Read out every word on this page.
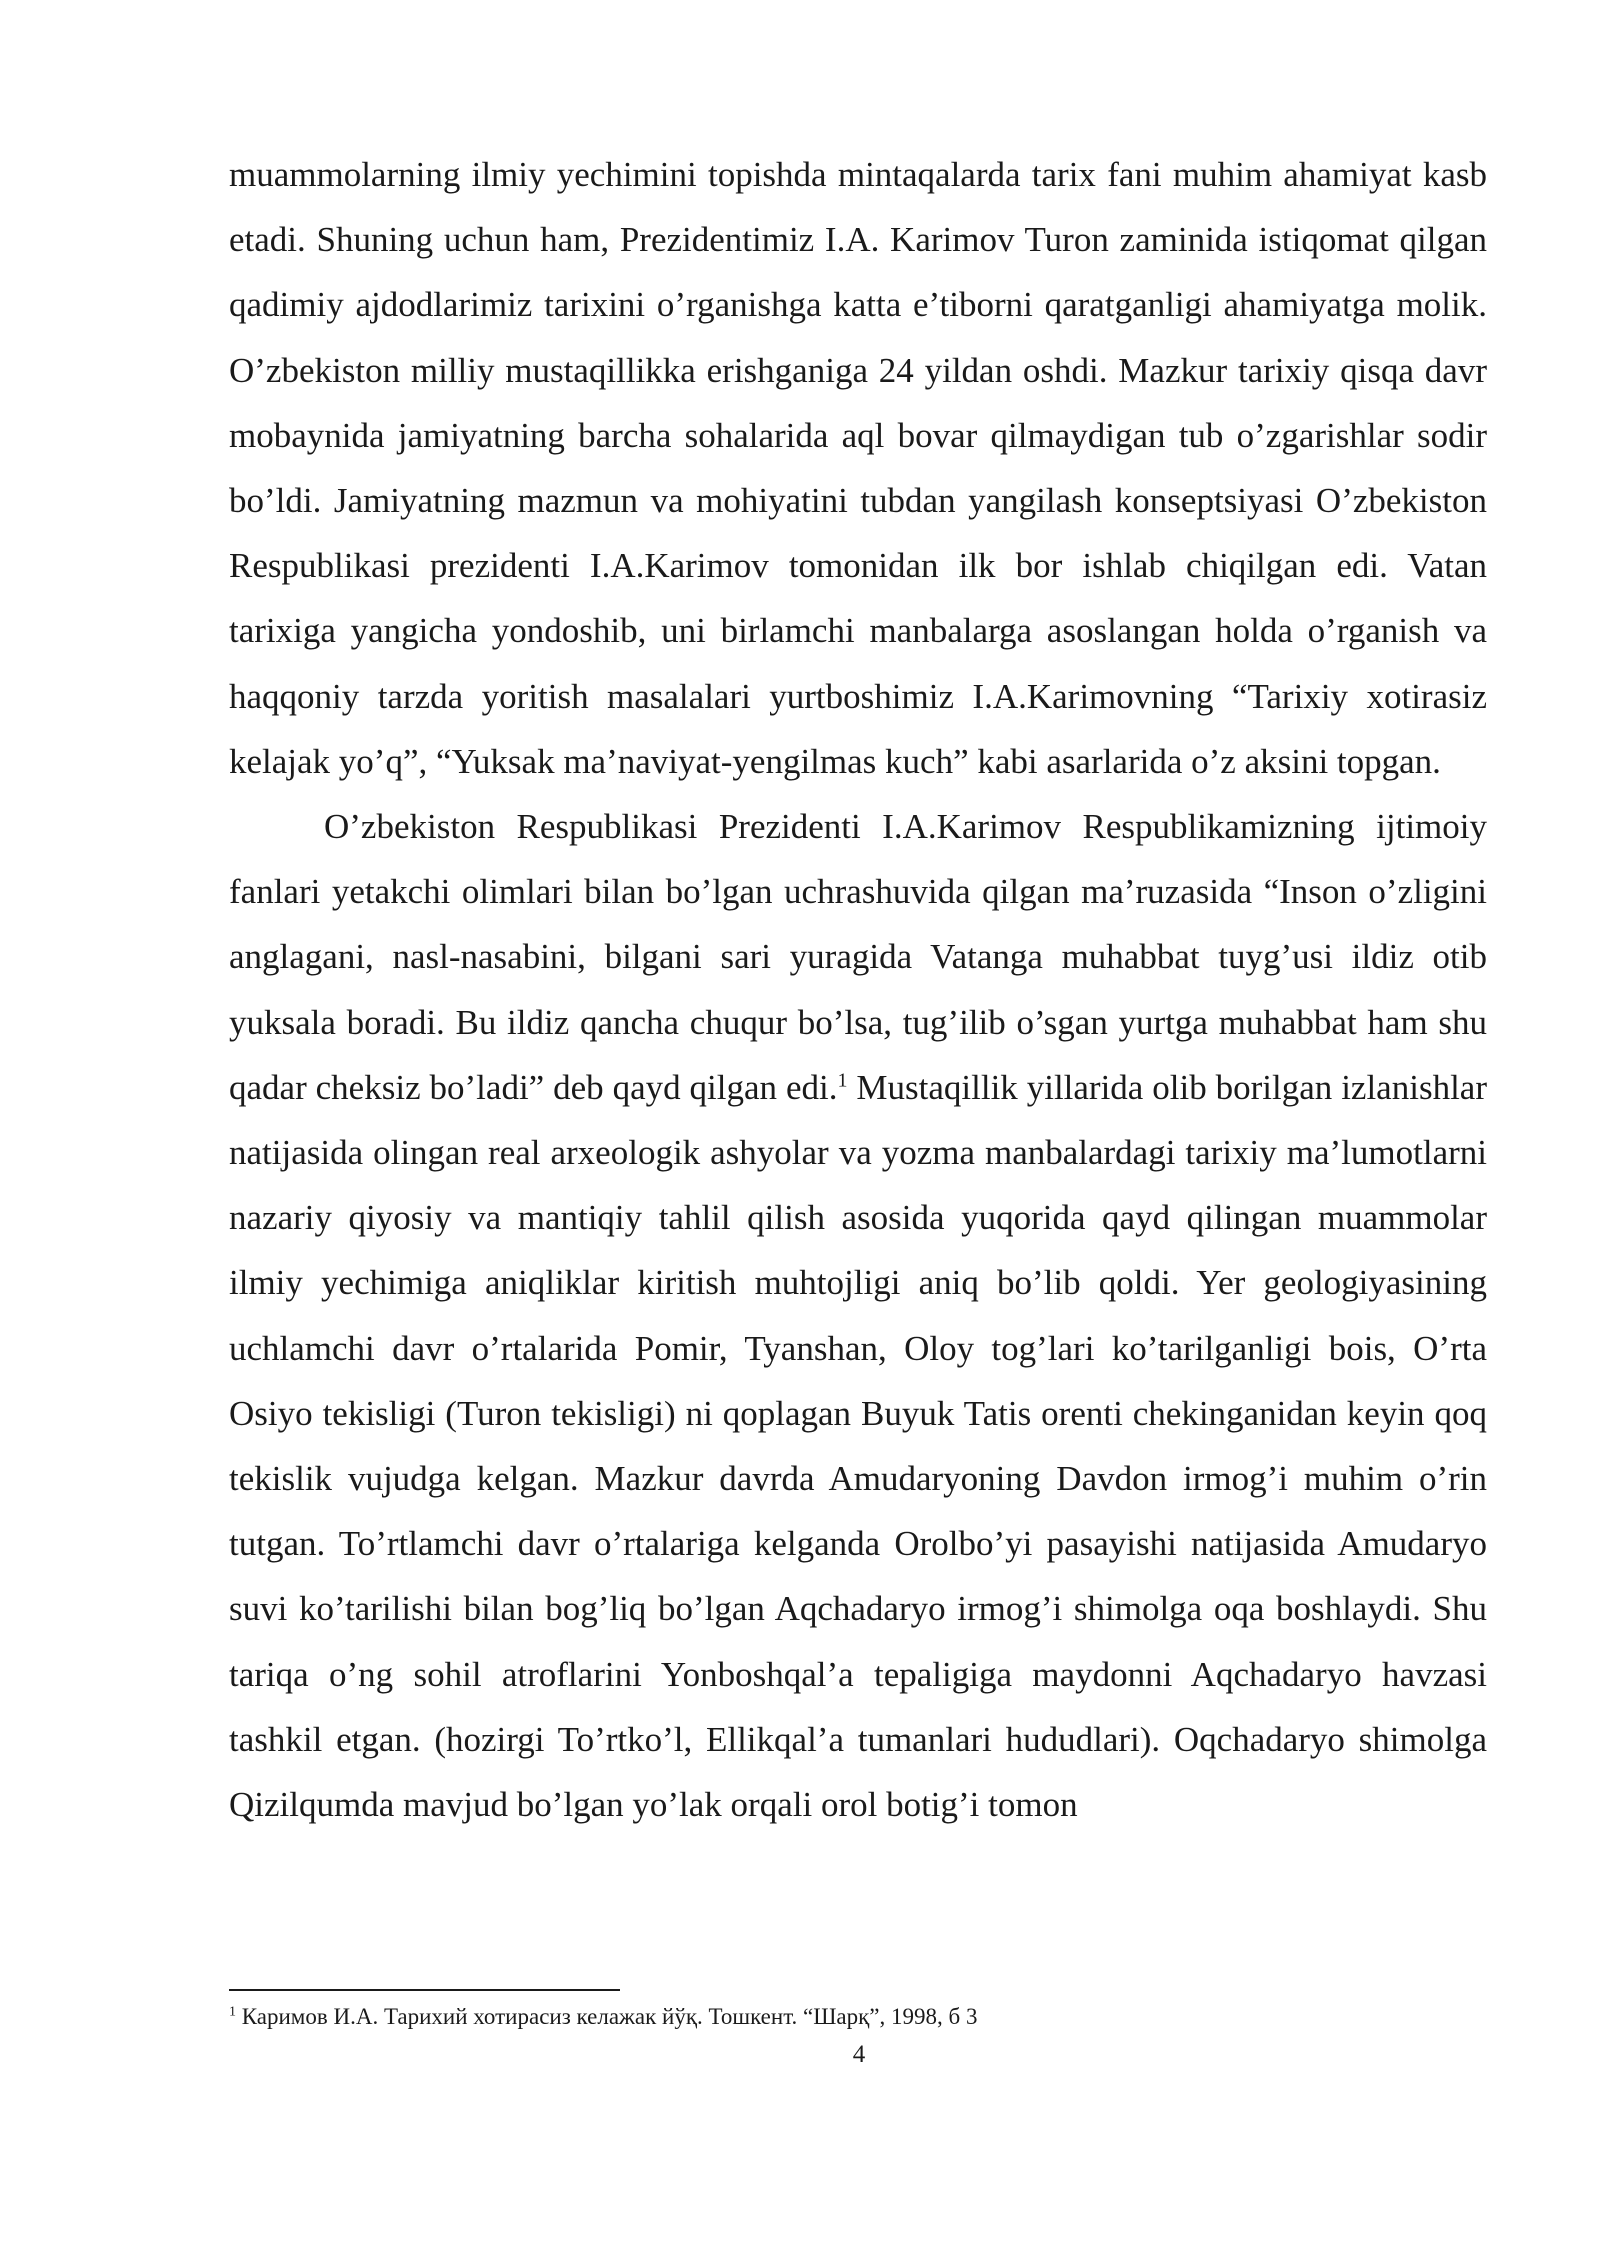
muammolarning ilmiy yechimini topishda mintaqalarda tarix fani muhim ahamiyat kasb etadi. Shuning uchun ham, Prezidentimiz I.A. Karimov Turon zaminida istiqomat qilgan qadimiy ajdodlarimiz tarixini o’rganishga katta e’tiborni qaratganligi ahamiyatga molik. O’zbekiston milliy mustaqillikka erishganiga 24 yildan oshdi. Mazkur tarixiy qisqa davr mobaynida jamiyatning barcha sohalarida aql bovar qilmaydigan tub o’zgarishlar sodir bo’ldi. Jamiyatning mazmun va mohiyatini tubdan yangilash konseptsiyasi O’zbekiston Respublikasi prezidenti I.A.Karimov tomonidan ilk bor ishlab chiqilgan edi. Vatan tarixiga yangicha yondoshib, uni birlamchi manbalarga asoslangan holda o’rganish va haqqoniy tarzda yoritish masalalari yurtboshimiz I.A.Karimovning “Tarixiy xotirasiz kelajak yo’q”, “Yuksak ma’naviyat-yengilmas kuch” kabi asarlarida o’z aksini topgan.

O’zbekiston Respublikasi Prezidenti I.A.Karimov Respublikamizning ijtimoiy fanlari yetakchi olimlari bilan bo’lgan uchrashuvida qilgan ma’ruzasida “Inson o’zligini anglagani, nasl-nasabini, bilgani sari yuragida Vatanga muhabbat tuyg’usi ildiz otib yuksala boradi. Bu ildiz qancha chuqur bo’lsa, tug’ilib o’sgan yurtga muhabbat ham shu qadar cheksiz bo’ladi” deb qayd qilgan edi.$^1$ Mustaqillik yillarida olib borilgan izlanishlar natijasida olingan real arxeologik ashyolar va yozma manbalardagi tarixiy ma’lumotlarni nazariy qiyosiy va mantiqiy tahlil qilish asosida yuqorida qayd qilingan muammolar ilmiy yechimiga aniqliklar kiritish muhtojligi aniq bo’lib qoldi. Yer geologiyasining uchlamchi davr o’rtalarida Pomir, Tyanshan, Oloy tog’lari ko’tarilganligi bois, O’rta Osiyo tekisligi (Turon tekisligi) ni qoplagan Buyuk Tatis orenti chekinganidan keyin qoq tekislik vujudga kelgan. Mazkur davrda Amudaryoning Davdon irmog’i muhim o’rin tutgan. To’rtlamchi davr o’rtalariga kelganda Orolbo’yi pasayishi natijasida Amudaryo suvi ko’tarilishi bilan bog’liq bo’lgan Aqchadaryo irmog’i shimolga oqa boshlaydi. Shu tariqa o’ng sohil atroflarini Yonboshqal’a tepaligiga maydonni Aqchadaryo havzasi tashkil etgan. (hozirgi To’rtko’l, Ellikqal’a tumanlari hududlari). Oqchadaryo shimolga Qizilqumda mavjud bo’lgan yo’lak orqali orol botig’i tomon

$^1$ Каримов И.А. Тарихий хотирасиз келажак йўқ. Тошкент. “Шарқ”, 1998, б 3
4
